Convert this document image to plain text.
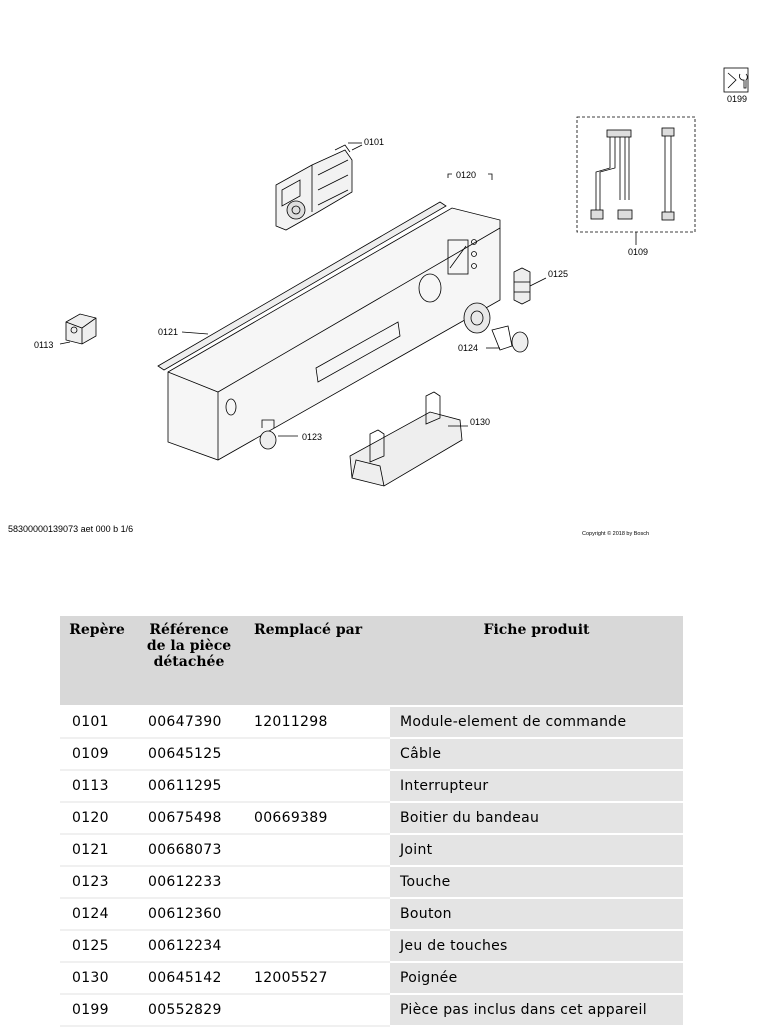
0199
0101
0120
0109
0125
0121
0113	0124
0130
0123
58300000139073 aet 000 b 1/6	Copyright © 2018 by Bosch
Repère	Référence de la pièce détachée	Remplacé par	Fiche produit
0101	00647390	12011298	Module-element de commande
0109	00645125		Câble
0113	00611295		Interrupteur
0120	00675498	00669389	Boitier du bandeau
0121	00668073		Joint
0123	00612233		Touche
0124	00612360		Bouton
0125	00612234		Jeu de touches
0130	00645142	12005527	Poignée
0199	00552829		Pièce pas inclus dans cet appareil
